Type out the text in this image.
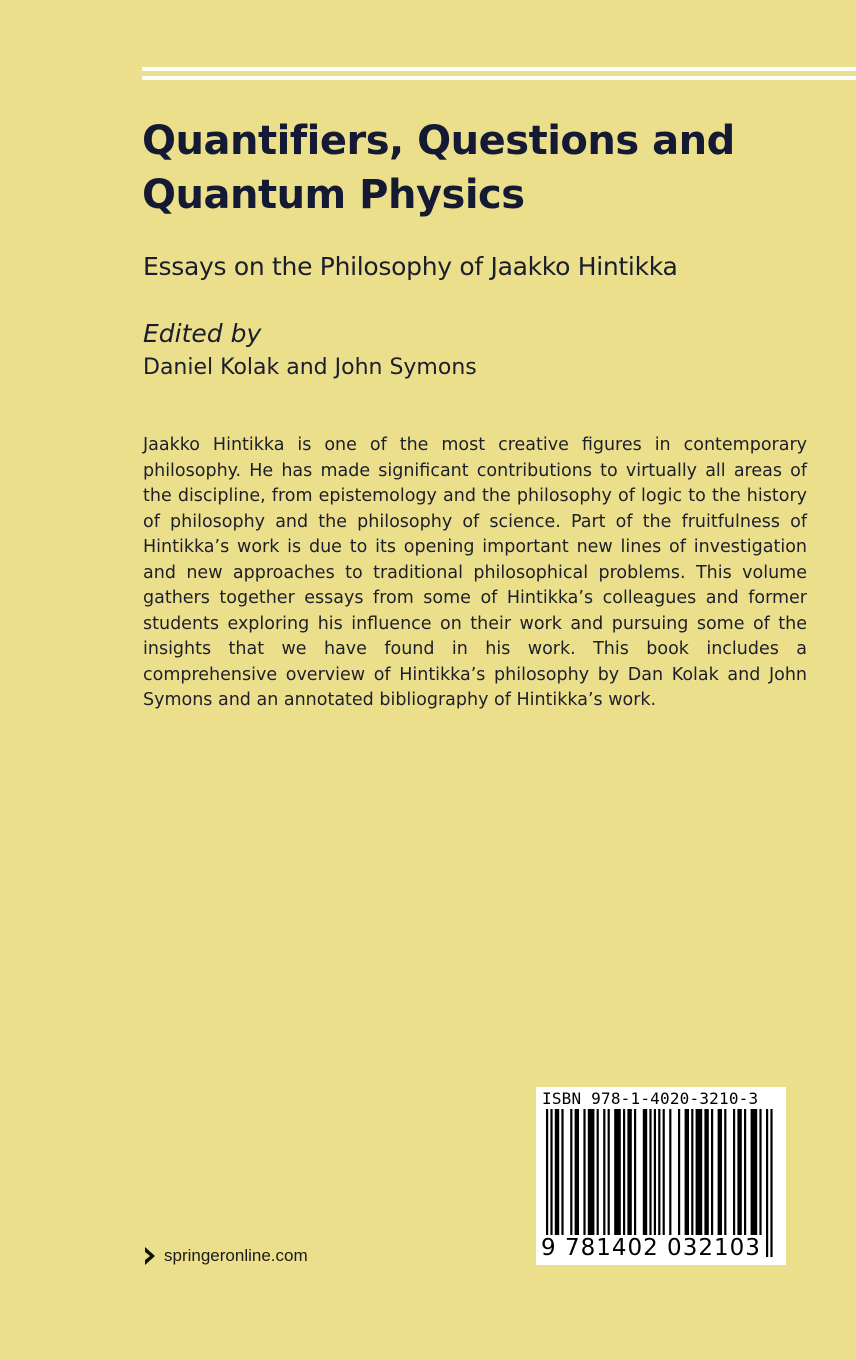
Quantifiers, Questions and
Quantum Physics

Essays on the Philosophy of Jaakko Hintikka

Edited by
Daniel Kolak and John Symons

Jaakko Hintikka is one of the most creative figures in contemporary philosophy. He has made significant contributions to virtually all areas of the discipline, from epistemology and the philosophy of logic to the history of philosophy and the philosophy of science. Part of the fruitfulness of Hintikka’s work is due to its opening important new lines of investigation and new approaches to traditional philosophical problems. This volume gathers together essays from some of Hintikka’s colleagues and former students exploring his influence on their work and pursuing some of the insights that we have found in his work. This book includes a comprehensive overview of Hintikka’s philosophy by Dan Kolak and John Symons and an annotated bibliography of Hintikka’s work.

ISBN 978-1-4020-3210-3
9 781402 032103
springeronline.com
